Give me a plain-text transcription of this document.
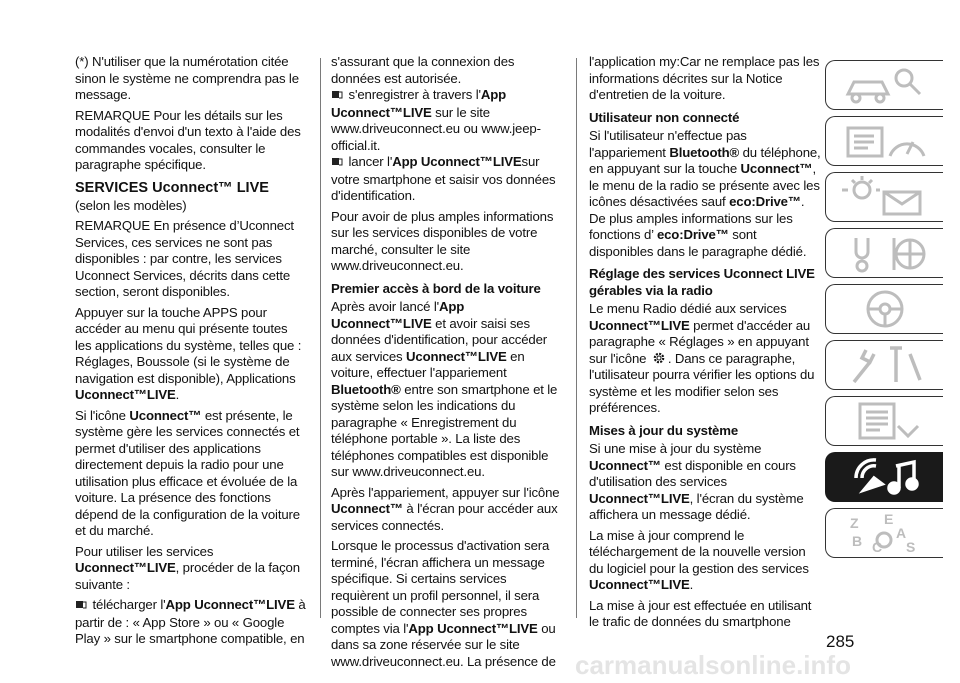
(*) N'utiliser que la numérotation citée sinon le système ne comprendra pas le message.

REMARQUE Pour les détails sur les modalités d'envoi d'un texto à l'aide des commandes vocales, consulter le paragraphe spécifique.

SERVICES Uconnect™ LIVE

(selon les modèles)

REMARQUE En présence d’Uconnect Services, ces services ne sont pas disponibles : par contre, les services Uconnect Services, décrits dans cette section, seront disponibles.

Appuyer sur la touche APPS pour accéder au menu qui présente toutes les applications du système, telles que : Réglages, Boussole (si le système de navigation est disponible), Applications Uconnect™LIVE.

Si l'icône Uconnect™ est présente, le système gère les services connectés et permet d'utiliser des applications directement depuis la radio pour une utilisation plus efficace et évoluée de la voiture. La présence des fonctions dépend de la configuration de la voiture et du marché.

Pour utiliser les services Uconnect™LIVE, procéder de la façon suivante :

télécharger l'App Uconnect™LIVE à partir de : « App Store » ou « Google Play » sur le smartphone compatible, en

s'assurant que la connexion des données est autorisée.

s'enregistrer à travers l'App Uconnect™LIVE sur le site www.driveuconnect.eu ou www.jeep-official.it.

lancer l'App Uconnect™LIVEsur votre smartphone et saisir vos données d'identification.

Pour avoir de plus amples informations sur les services disponibles de votre marché, consulter le site www.driveuconnect.eu.

Premier accès à bord de la voiture

Après avoir lancé l'App Uconnect™LIVE et avoir saisi ses données d'identification, pour accéder aux services Uconnect™LIVE en voiture, effectuer l'appariement Bluetooth® entre son smartphone et le système selon les indications du paragraphe « Enregistrement du téléphone portable ». La liste des téléphones compatibles est disponible sur www.driveuconnect.eu.

Après l'appariement, appuyer sur l'icône Uconnect™ à l'écran pour accéder aux services connectés.

Lorsque le processus d'activation sera terminé, l'écran affichera un message spécifique. Si certains services requièrent un profil personnel, il sera possible de connecter ses propres comptes via l'App Uconnect™LIVE ou dans sa zone réservée sur le site www.driveuconnect.eu. La présence de

l'application my:Car ne remplace pas les informations décrites sur la Notice d'entretien de la voiture.

Utilisateur non connecté

Si l'utilisateur n'effectue pas l'appariement Bluetooth® du téléphone, en appuyant sur la touche Uconnect™, le menu de la radio se présente avec les icônes désactivées sauf eco:Drive™.

De plus amples informations sur les fonctions d’ eco:Drive™ sont disponibles dans le paragraphe dédié.

Réglage des services Uconnect LIVE gérables via la radio

Le menu Radio dédié aux services Uconnect™LIVE permet d'accéder au paragraphe « Réglages » en appuyant sur l'icône . Dans ce paragraphe, l'utilisateur pourra vérifier les options du système et les modifier selon ses préférences.

Mises à jour du système

Si une mise à jour du système Uconnect™ est disponible en cours d'utilisation des services Uconnect™LIVE, l'écran du système affichera un message dédié.

La mise à jour comprend le téléchargement de la nouvelle version du logiciel pour la gestion des services Uconnect™LIVE.

La mise à jour est effectuée en utilisant le trafic de données du smartphone

Z E
A
B C S
285
carmanualsonline.info
